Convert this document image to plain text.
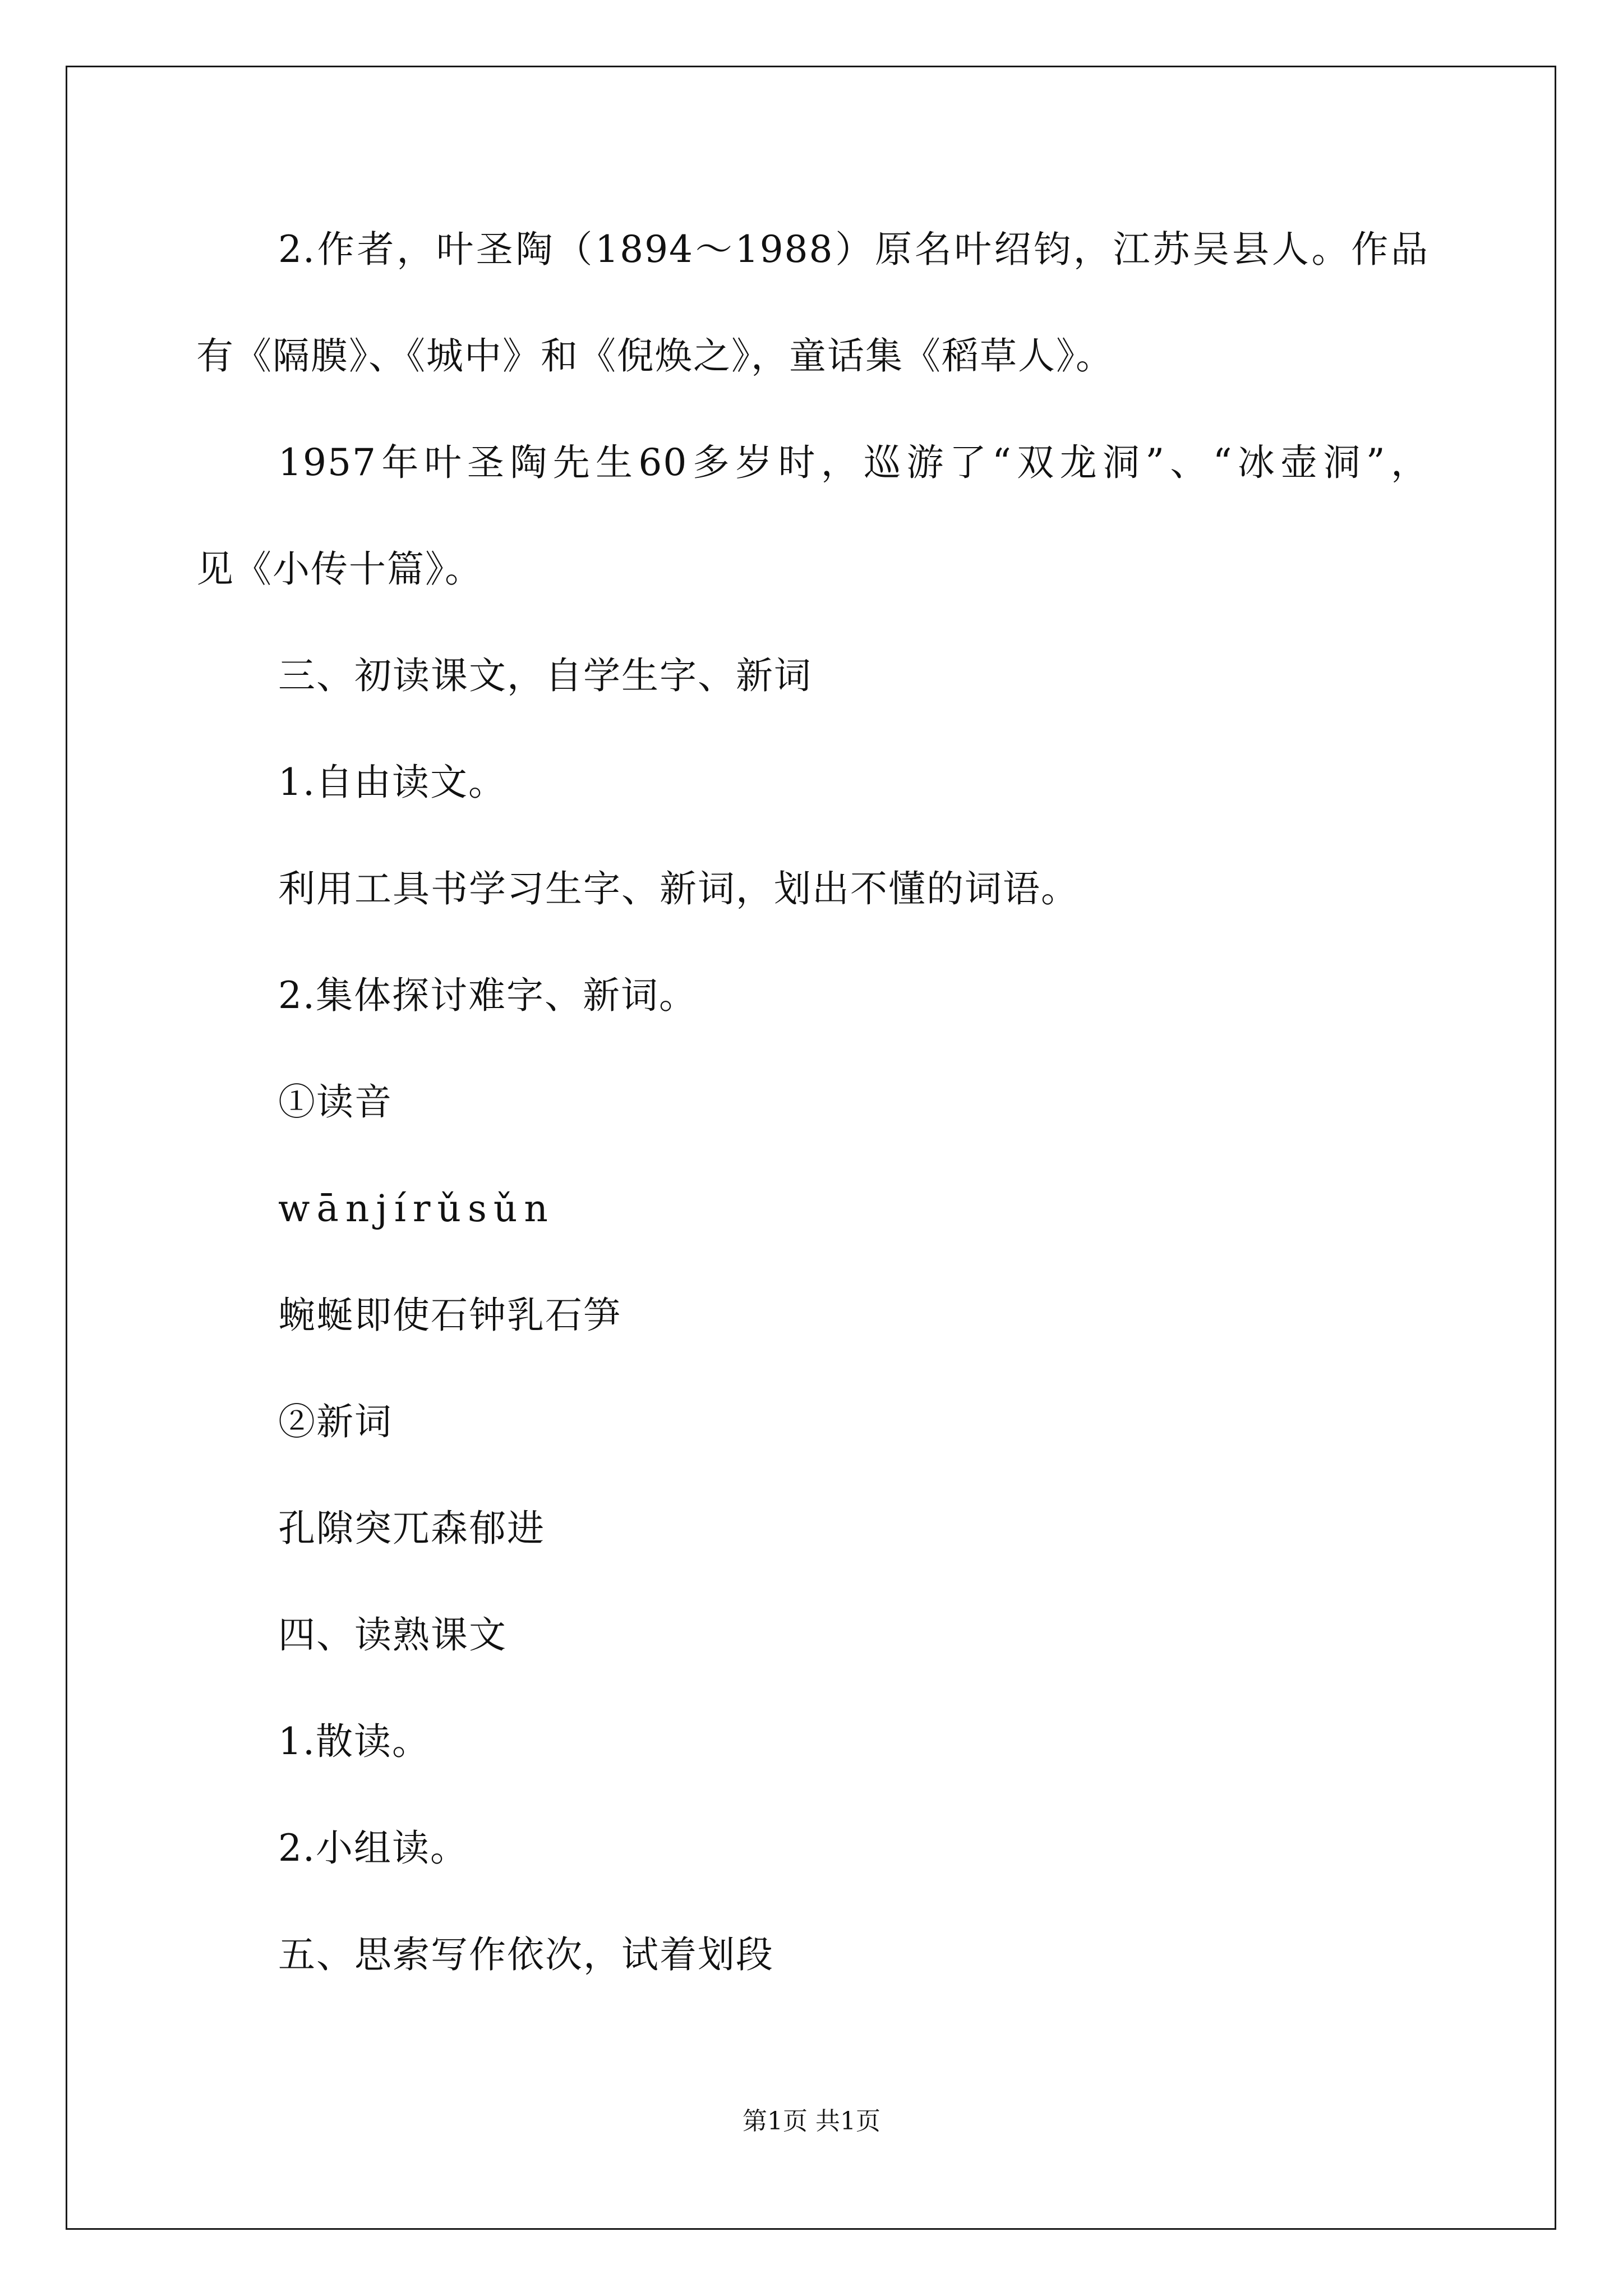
2.作者，叶圣陶（1894～1988）原名叶绍钧，江苏吴县人。作品
有《隔膜》、《城中》和《倪焕之》，童话集《稻草人》。
1957年叶圣陶先生60多岁时，巡游了“双龙洞”、“冰壶洞”，
见《小传十篇》。
三、初读课文，自学生字、新词
1.自由读文。
利用工具书学习生字、新词，划出不懂的词语。
2.集体探讨难字、新词。
①读音
wānjírǔsǔn
蜿蜒即使石钟乳石笋
②新词
孔隙突兀森郁进
四、读熟课文
1.散读。
2.小组读。
五、思索写作依次，试着划段
第1页 共1页
